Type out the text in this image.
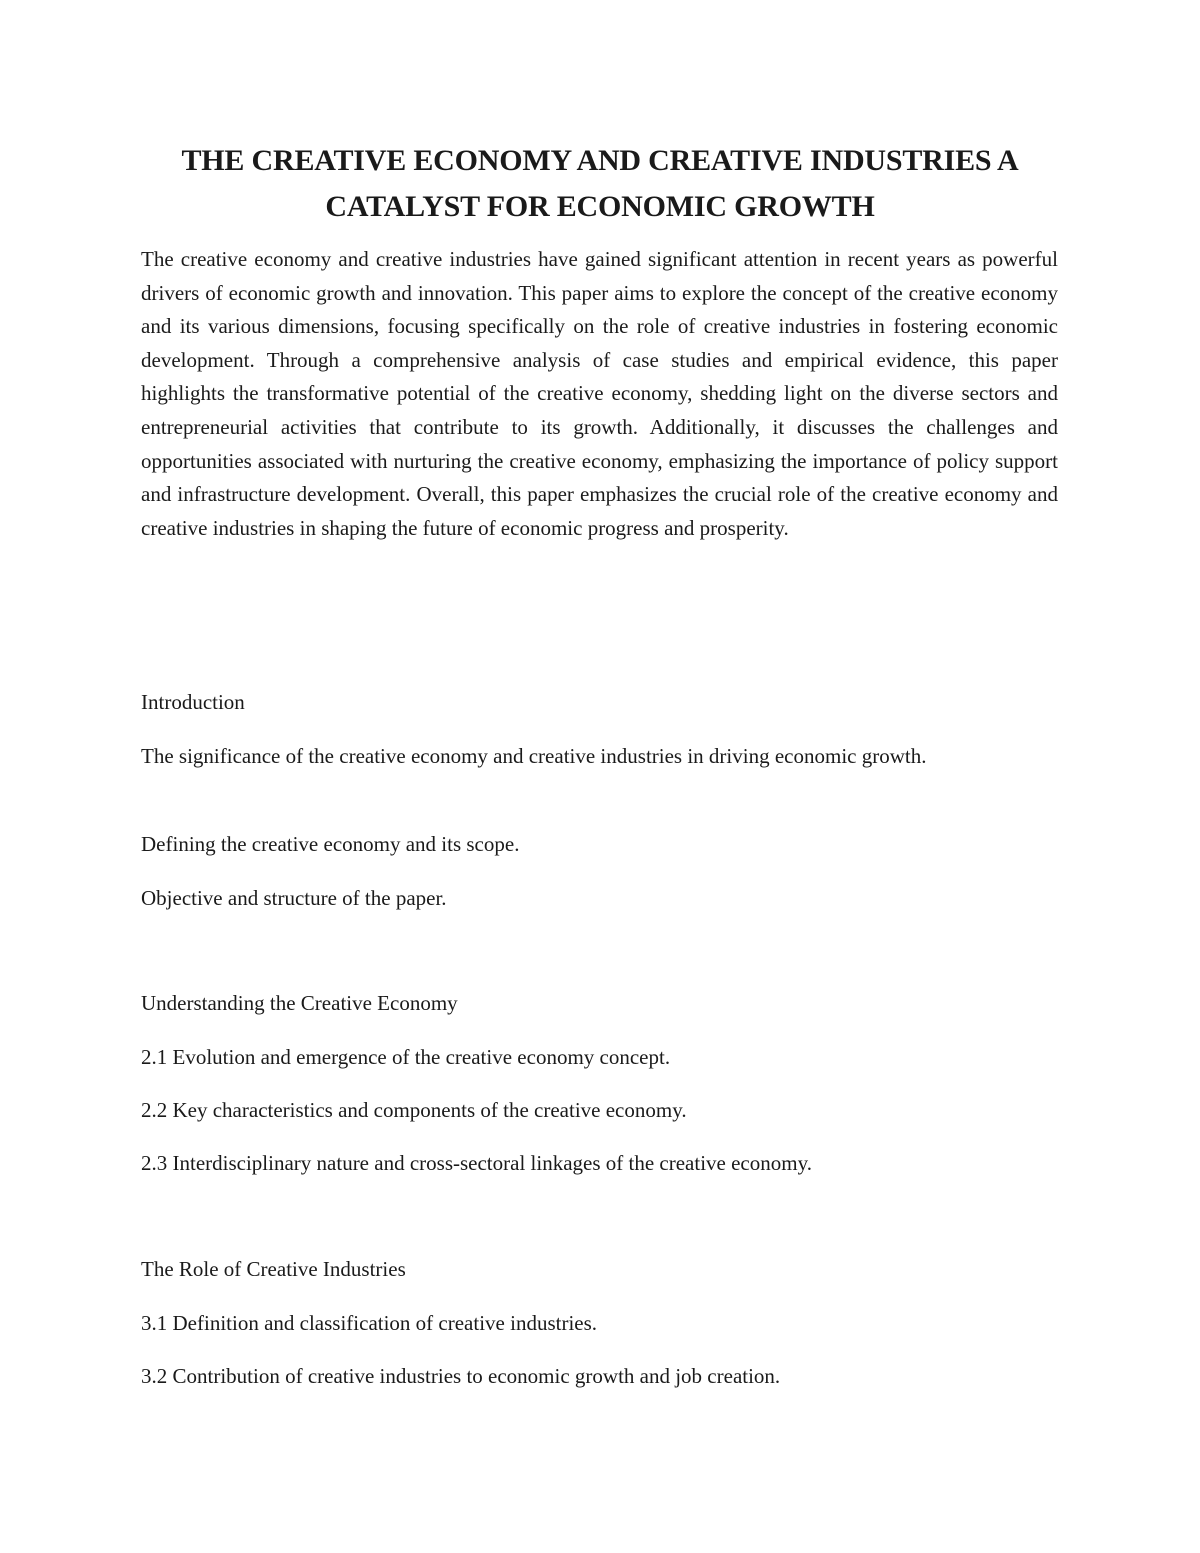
THE CREATIVE ECONOMY AND CREATIVE INDUSTRIES A CATALYST FOR ECONOMIC GROWTH

The creative economy and creative industries have gained significant attention in recent years as powerful drivers of economic growth and innovation. This paper aims to explore the concept of the creative economy and its various dimensions, focusing specifically on the role of creative industries in fostering economic development. Through a comprehensive analysis of case studies and empirical evidence, this paper highlights the transformative potential of the creative economy, shedding light on the diverse sectors and entrepreneurial activities that contribute to its growth. Additionally, it discusses the challenges and opportunities associated with nurturing the creative economy, emphasizing the importance of policy support and infrastructure development. Overall, this paper emphasizes the crucial role of the creative economy and creative industries in shaping the future of economic progress and prosperity.

Introduction

The significance of the creative economy and creative industries in driving economic growth.

Defining the creative economy and its scope.

Objective and structure of the paper.

Understanding the Creative Economy

2.1 Evolution and emergence of the creative economy concept.

2.2 Key characteristics and components of the creative economy.

2.3 Interdisciplinary nature and cross-sectoral linkages of the creative economy.

The Role of Creative Industries

3.1 Definition and classification of creative industries.

3.2 Contribution of creative industries to economic growth and job creation.
